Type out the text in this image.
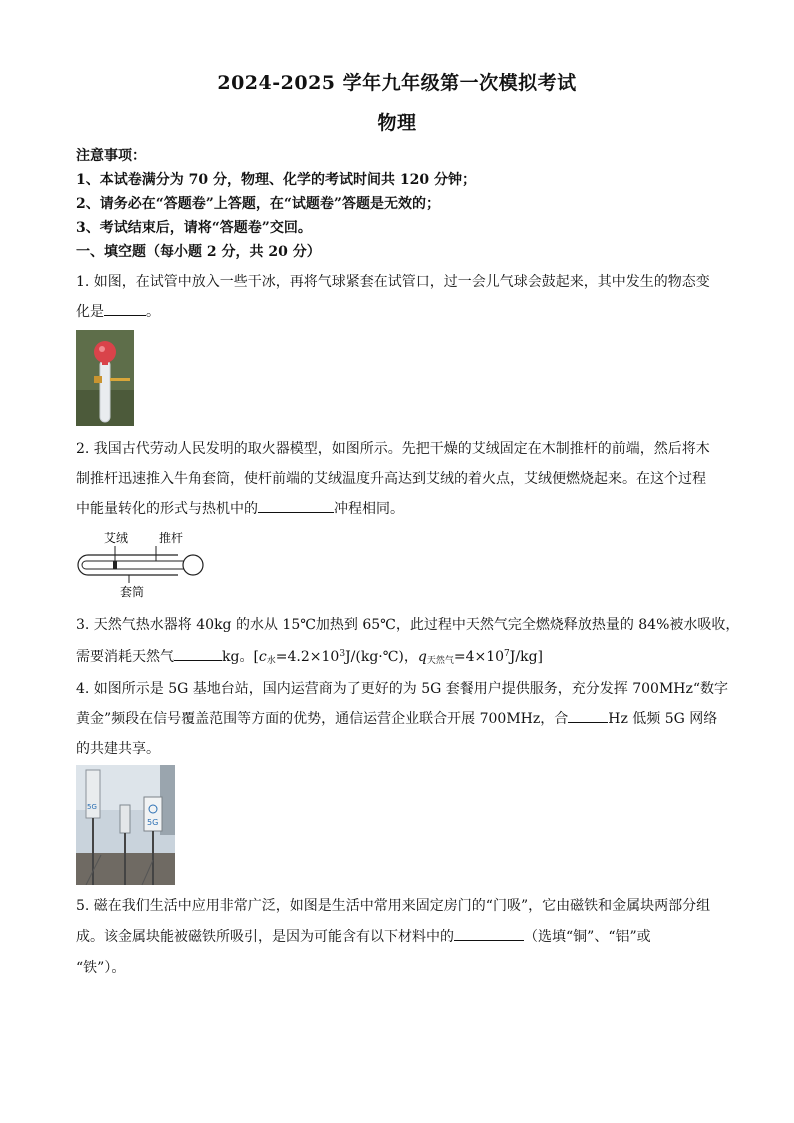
2024-2025 学年九年级第一次模拟考试
物理
注意事项：
1、本试卷满分为 70 分，物理、化学的考试时间共 120 分钟；
2、请务必在“答题卷”上答题，在“试题卷”答题是无效的；
3、考试结束后，请将“答题卷”交回。
一、填空题（每小题 2 分，共 20 分）
1. 如图，在试管中放入一些干冰，再将气球紧套在试管口，过一会儿气球会鼓起来，其中发生的物态变
化是	。
2. 我国古代劳动人民发明的取火器模型，如图所示。先把干燥的艾绒固定在木制推杆的前端，然后将木
制推杆迅速推入牛角套筒，使杆前端的艾绒温度升高达到艾绒的着火点，艾绒便燃烧起来。在这个过程
中能量转化的形式与热机中的	冲程相同。
艾绒	推杆
套筒
3. 天然气热水器将 40kg 的水从 15℃加热到 65℃，此过程中天然气完全燃烧释放热量的 84%被水吸收，
需要消耗天然气	kg。[$c_水=4.2\times 10^3J/(kg\cdot℃)$，$q_{天然气}=4\times 10^7J/kg$]
4. 如图所示是 5G 基地台站，国内运营商为了更好的为 5G 套餐用户提供服务，充分发挥 700MHz“数字
黄金”频段在信号覆盖范围等方面的优势，通信运营企业联合开展 700MHz，合	Hz 低频 5G 网络
的共建共享。
5G
5G
5. 磁在我们生活中应用非常广泛，如图是生活中常用来固定房门的“门吸”，它由磁铁和金属块两部分组
成。该金属块能被磁铁所吸引，是因为可能含有以下材料中的	（选填“铜”、“铝”或
“铁”）。
